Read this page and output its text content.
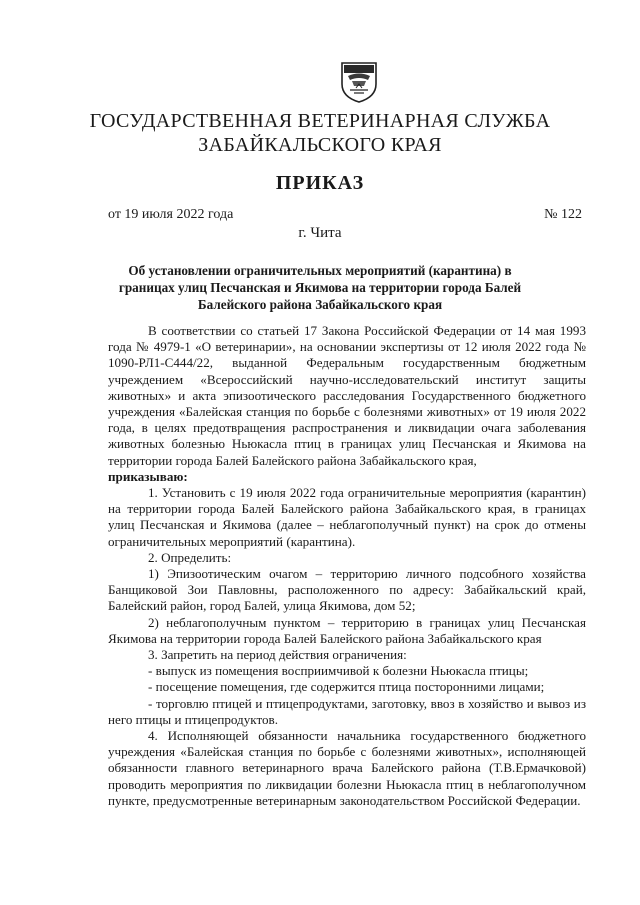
ГОСУДАРСТВЕННАЯ ВЕТЕРИНАРНАЯ СЛУЖБА
ЗАБАЙКАЛЬСКОГО КРАЯ
ПРИКАЗ
от 19 июля 2022 года	№ 122
г. Чита

Об установлении ограничительных мероприятий (карантина) в границах улиц Песчанская и Якимова на территории города Балей Балейского района Забайкальского края

В соответствии со статьей 17 Закона Российской Федерации от 14 мая 1993 года № 4979-1 «О ветеринарии», на основании экспертизы от 12 июля 2022 года № 1090-РЛ1-С444/22, выданной Федеральным государственным бюджетным учреждением «Всероссийский научно-исследовательский институт защиты животных» и акта эпизоотического расследования Государственного бюджетного учреждения «Балейская станция по борьбе с болезнями животных» от 19 июля 2022 года, в целях предотвращения распространения и ликвидации очага заболевания животных болезнью Ньюкасла птиц в границах улиц Песчанская и Якимова на территории города Балей Балейского района Забайкальского края,

приказываю:

1. Установить с 19 июля 2022 года ограничительные мероприятия (карантин) на территории города Балей Балейского района Забайкальского края, в границах улиц Песчанская и Якимова (далее – неблагополучный пункт) на срок до отмены ограничительных мероприятий (карантина).

2. Определить:

1) Эпизоотическим очагом – территорию личного подсобного хозяйства Банщиковой Зои Павловны, расположенного по адресу: Забайкальский край, Балейский район, город Балей, улица Якимова, дом 52;

2) неблагополучным пунктом – территорию в границах улиц Песчанская Якимова на территории города Балей Балейского района Забайкальского края

3. Запретить на период действия ограничения:

- выпуск из помещения восприимчивой к болезни Ньюкасла птицы;

- посещение помещения, где содержится птица посторонними лицами;

- торговлю птицей и птицепродуктами, заготовку, ввоз в хозяйство и вывоз из него птицы и птицепродуктов.

4. Исполняющей обязанности начальника государственного бюджетного учреждения «Балейская станция по борьбе с болезнями животных», исполняющей обязанности главного ветеринарного врача Балейского района (Т.В.Ермачковой) проводить мероприятия по ликвидации болезни Ньюкасла птиц в неблагополучном пункте, предусмотренные ветеринарным законодательством Российской Федерации.
